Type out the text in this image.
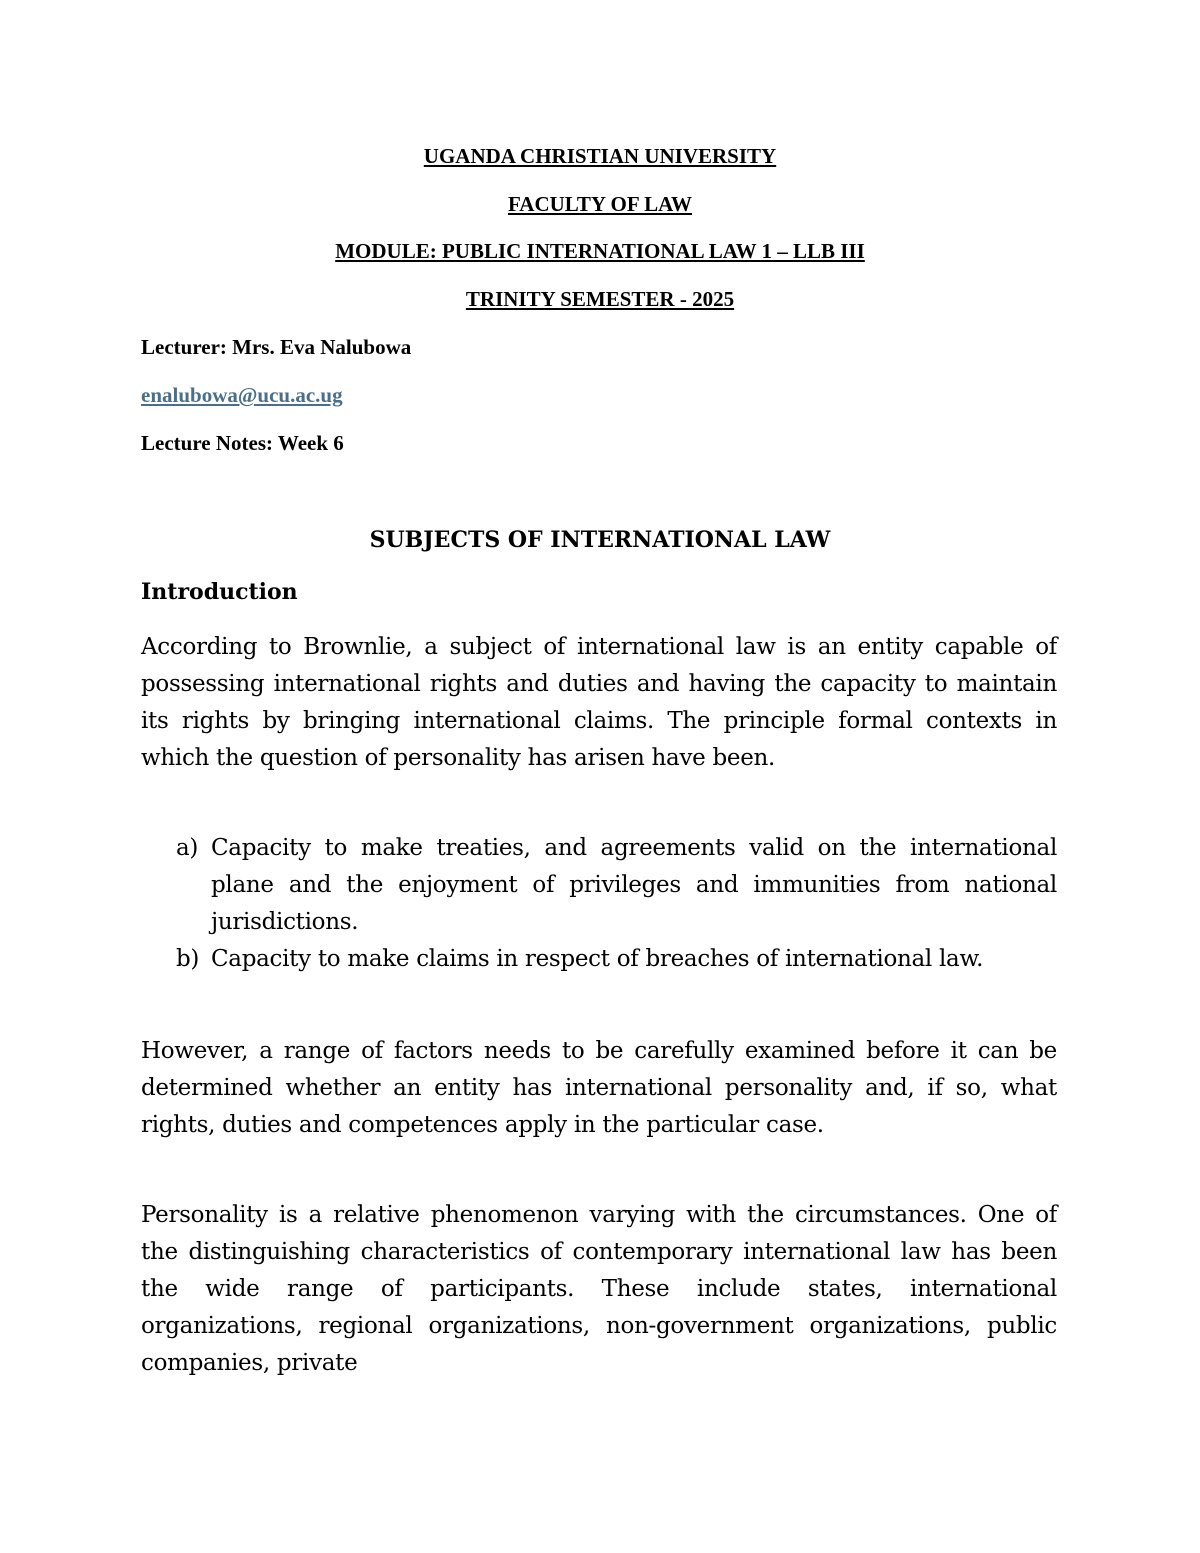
UGANDA CHRISTIAN UNIVERSITY
FACULTY OF LAW
MODULE: PUBLIC INTERNATIONAL LAW 1 – LLB III
TRINITY SEMESTER - 2025
Lecturer: Mrs. Eva Nalubowa
enalubowa@ucu.ac.ug
Lecture Notes: Week 6
SUBJECTS OF INTERNATIONAL LAW
Introduction

According to Brownlie, a subject of international law is an entity capable of possessing international rights and duties and having the capacity to maintain its rights by bringing international claims. The principle formal contexts in which the question of personality has arisen have been.

a) Capacity to make treaties, and agreements valid on the international plane and the enjoyment of privileges and immunities from national jurisdictions.
b) Capacity to make claims in respect of breaches of international law.

However, a range of factors needs to be carefully examined before it can be determined whether an entity has international personality and, if so, what rights, duties and competences apply in the particular case.

Personality is a relative phenomenon varying with the circumstances. One of the distinguishing characteristics of contemporary international law has been the wide range of participants. These include states, international organizations, regional organizations, non-government organizations, public companies, private
